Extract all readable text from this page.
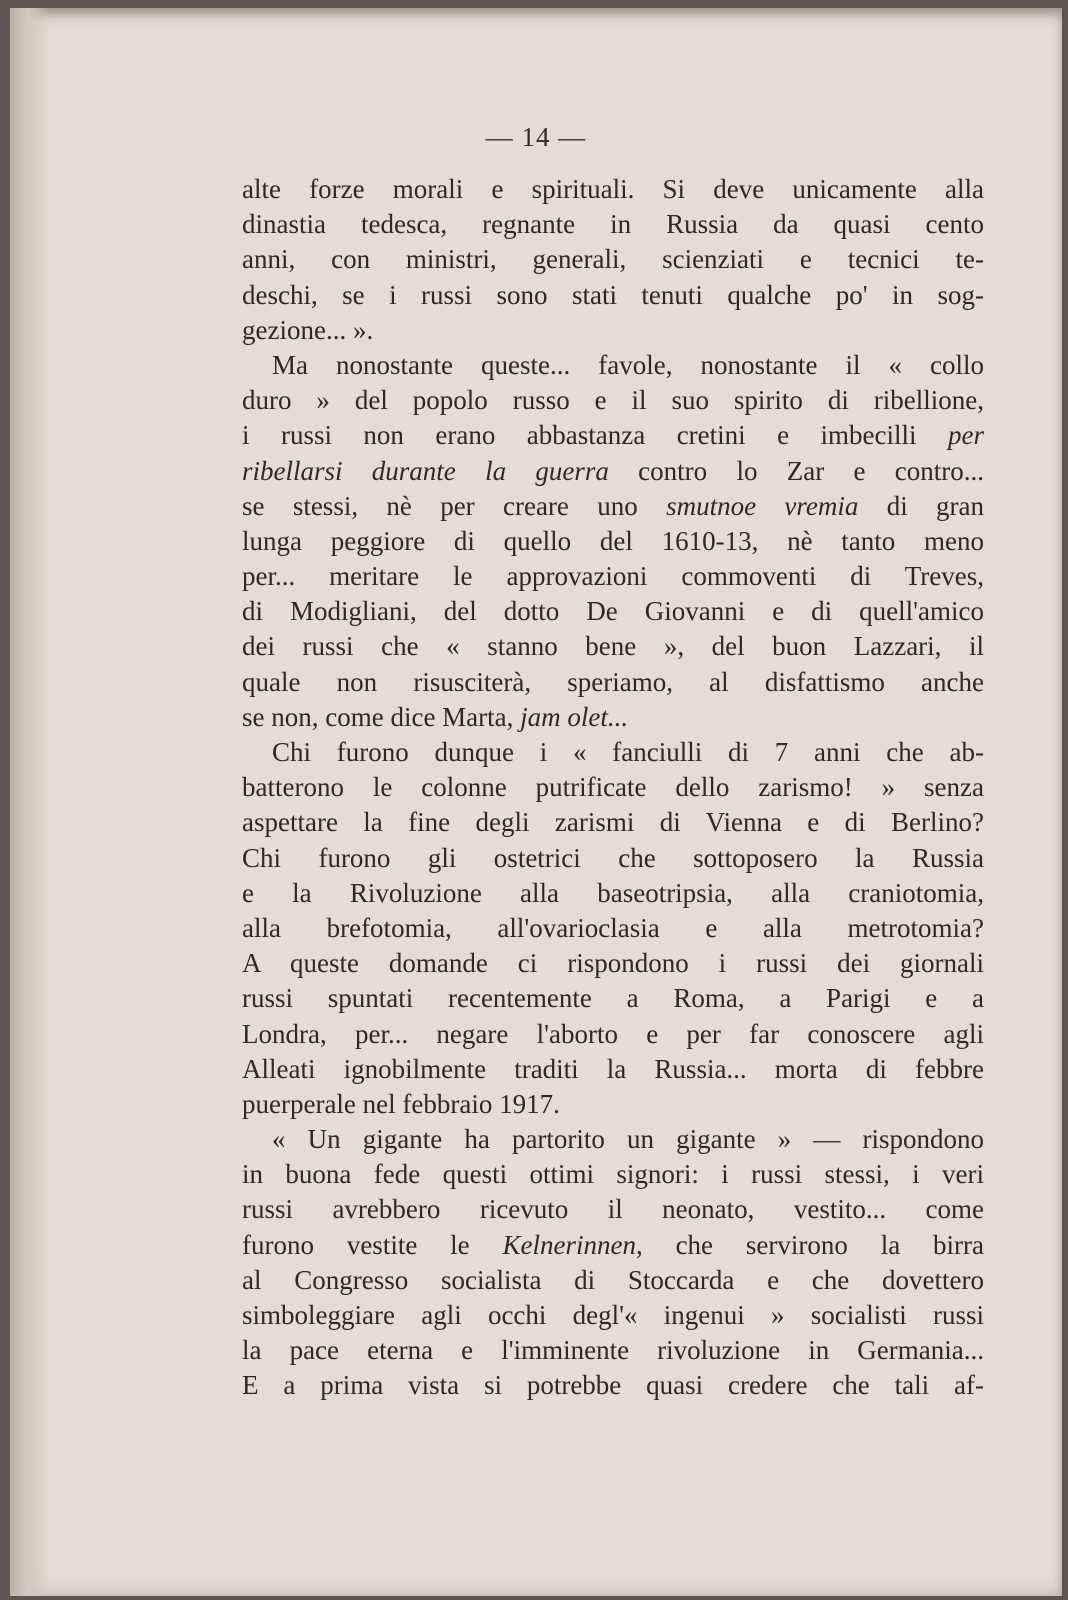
— 14 —
alte forze morali e spirituali. Si deve unicamente alla
dinastia tedesca, regnante in Russia da quasi cento
anni, con ministri, generali, scienziati e tecnici te-
deschi, se i russi sono stati tenuti qualche po' in sog-
gezione... ».
Ma nonostante queste... favole, nonostante il « collo
duro » del popolo russo e il suo spirito di ribellione,
i russi non erano abbastanza cretini e imbecilli per
ribellarsi durante la guerra contro lo Zar e contro...
se stessi, nè per creare uno smutnoe vremia di gran
lunga peggiore di quello del 1610-13, nè tanto meno
per... meritare le approvazioni commoventi di Treves,
di Modigliani, del dotto De Giovanni e di quell'amico
dei russi che « stanno bene », del buon Lazzari, il
quale non risusciterà, speriamo, al disfattismo anche
se non, come dice Marta, jam olet...
Chi furono dunque i « fanciulli di 7 anni che ab-
batterono le colonne putrificate dello zarismo! » senza
aspettare la fine degli zarismi di Vienna e di Berlino?
Chi furono gli ostetrici che sottoposero la Russia
e la Rivoluzione alla baseotripsia, alla craniotomia,
alla brefotomia, all'ovarioclasia e alla metrotomia?
A queste domande ci rispondono i russi dei giornali
russi spuntati recentemente a Roma, a Parigi e a
Londra, per... negare l'aborto e per far conoscere agli
Alleati ignobilmente traditi la Russia... morta di febbre
puerperale nel febbraio 1917.
« Un gigante ha partorito un gigante » — rispondono
in buona fede questi ottimi signori: i russi stessi, i veri
russi avrebbero ricevuto il neonato, vestito... come
furono vestite le Kelnerinnen, che servirono la birra
al Congresso socialista di Stoccarda e che dovettero
simboleggiare agli occhi degl'« ingenui » socialisti russi
la pace eterna e l'imminente rivoluzione in Germania...
E a prima vista si potrebbe quasi credere che tali af-
